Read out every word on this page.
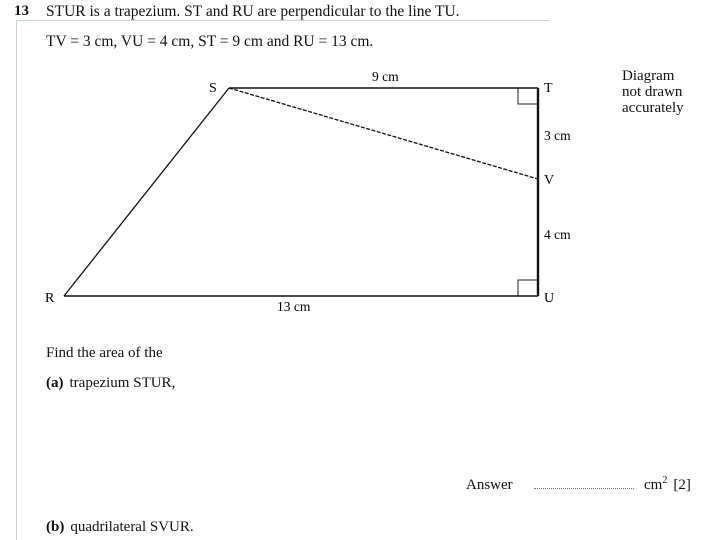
13 STUR is a trapezium. ST and RU are perpendicular to the line TU.
TV = 3 cm, VU = 4 cm, ST = 9 cm and RU = 13 cm.
S	T
V
U
R
9 cm
3 cm
4 cm
13 cm
Diagram
not drawn
accurately
Find the area of the
(a) trapezium STUR,
Answer	$cm^2$ [2]
(b) quadrilateral SVUR.
